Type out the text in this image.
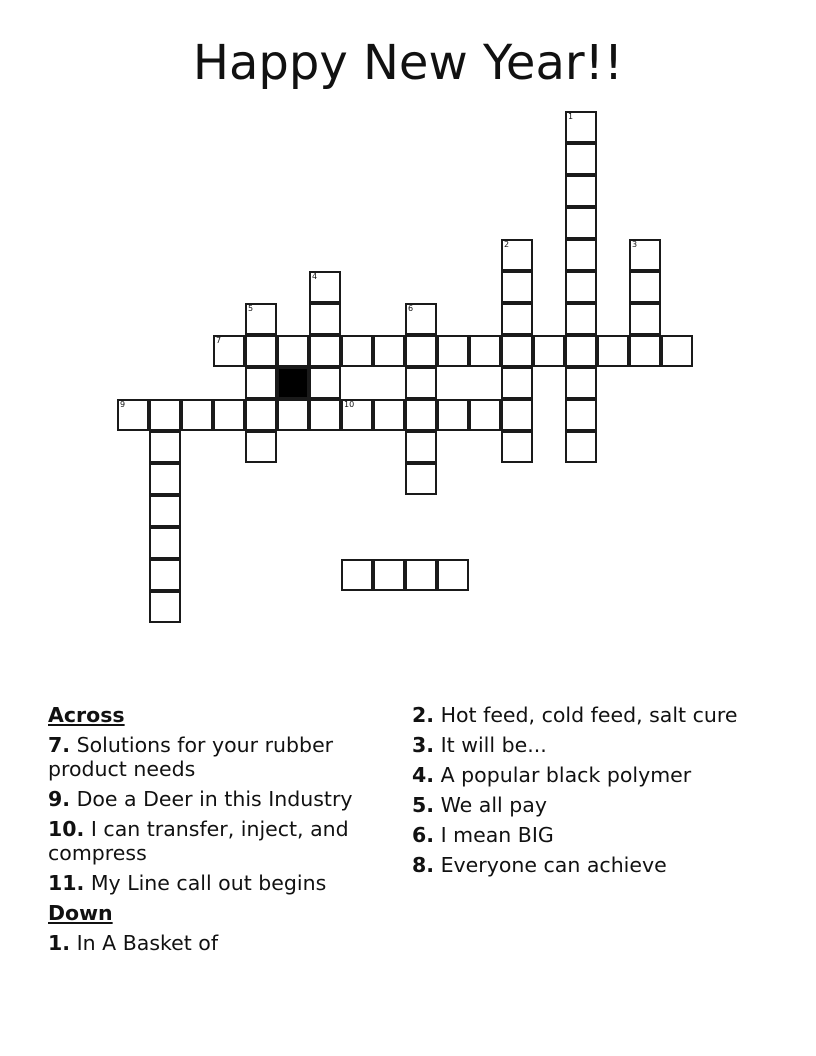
Happy New Year!!
1
2	3
4
5	6
7
9	10
Across
7. Solutions for your rubber product needs
9. Doe a Deer in this Industry
10. I can transfer, inject, and compress
11. My Line call out begins
Down
1. In A Basket of
2. Hot feed, cold feed, salt cure
3. It will be...
4. A popular black polymer
5. We all pay
6. I mean BIG
8. Everyone can achieve
